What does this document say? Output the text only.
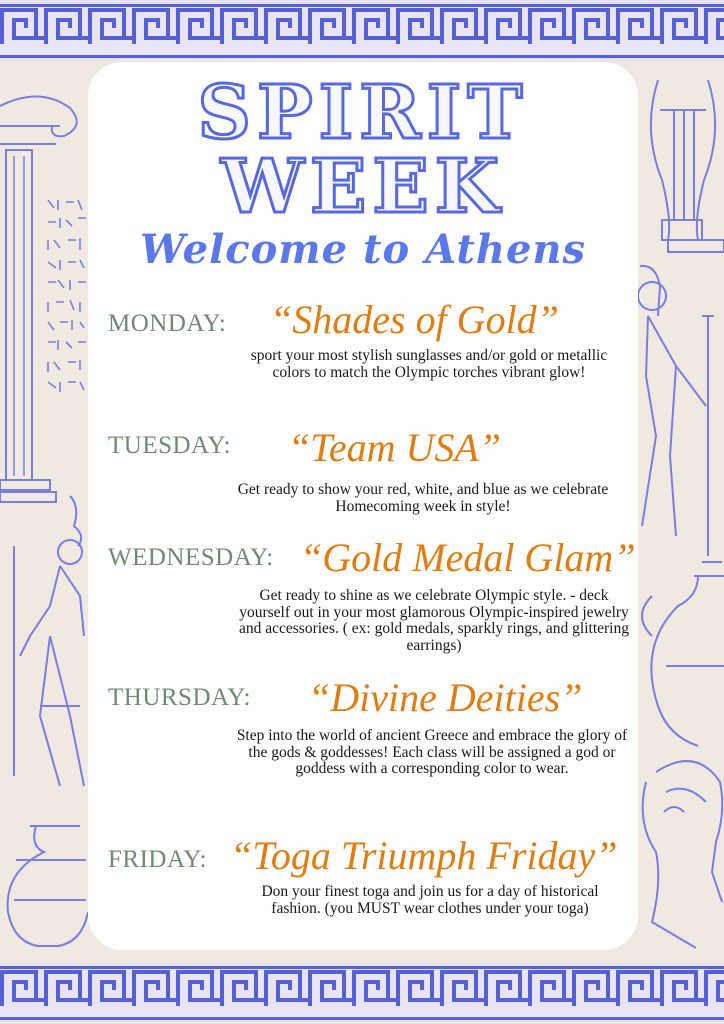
SPIRIT
WEEK
Welcome to Athens
MONDAY: “Shades of Gold”
sport your most stylish sunglasses and/or gold or metallic colors to match the Olympic torches vibrant glow!
TUESDAY: “Team USA”
Get ready to show your red, white, and blue as we celebrate Homecoming week in style!
WEDNESDAY: “Gold Medal Glam”
Get ready to shine as we celebrate Olympic style. - deck yourself out in your most glamorous Olympic-inspired jewelry and accessories. ( ex: gold medals, sparkly rings, and glittering earrings)
THURSDAY: “Divine Deities”
Step into the world of ancient Greece and embrace the glory of the gods & goddesses! Each class will be assigned a god or goddess with a corresponding color to wear.
FRIDAY: “Toga Triumph Friday”
Don your finest toga and join us for a day of historical fashion. (you MUST wear clothes under your toga)
